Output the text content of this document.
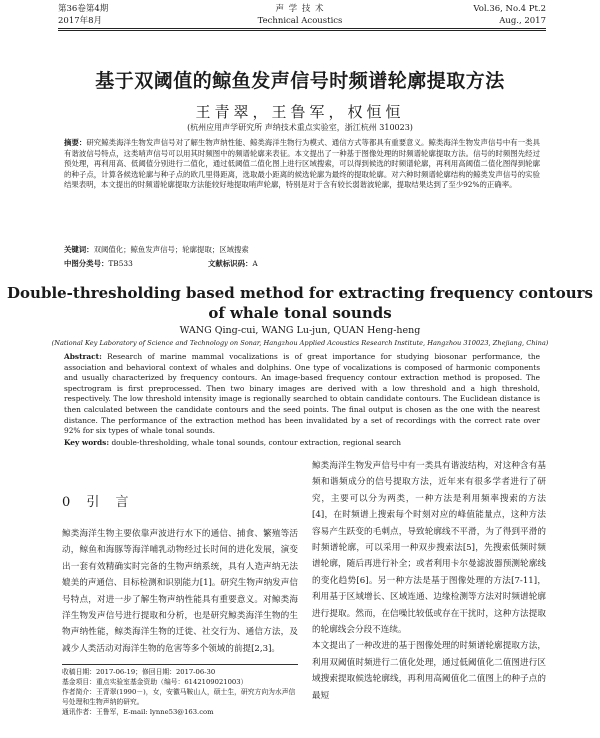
第36卷第4期
2017年8月
声 学 技 术
Technical Acoustics
Vol.36, No.4 Pt.2
Aug., 2017
基于双阈值的鲸鱼发声信号时频谱轮廓提取方法
王青翠，王鲁军，权恒恒
(杭州应用声学研究所 声纳技术重点实验室，浙江杭州 310023)
摘要：研究鲸类海洋生物发声信号对了解生物声纳性能、鲸类海洋生物行为模式、通信方式等都具有重要意义。鲸类海洋生物发声信号中有一类具有谐波信号特点，这类哨声信号可以用其时频图中的频谱轮廓来表征。本文提出了一种基于图像处理的时频谱轮廓提取方法。信号的时频图先经过预处理，再利用高、低阈值分别进行二值化，通过低阈值二值化图上进行区域搜索，可以得到候选的时频谱轮廓，再利用高阈值二值化图得到轮廓的种子点，计算各候选轮廓与种子点的欧几里得距离，选取最小距离的候选轮廓为最终的提取轮廓。对六种时频谱轮廓结构的鲸类发声信号的实验结果表明，本文提出的时频谱轮廓提取方法能较好地提取哨声轮廓，特别是对于含有较长弱谐波轮廓，提取结果达到了至少92%的正确率。
关键词：双阈值化；鲸鱼发声信号；轮廓提取；区域搜索
中图分类号：TB533	文献标识码：A
Double-thresholding based method for extracting frequency contours of whale tonal sounds
WANG Qing-cui, WANG Lu-jun, QUAN Heng-heng
(National Key Laboratory of Science and Technology on Sonar, Hangzhou Applied Acoustics Research Institute, Hangzhou 310023, Zhejiang, China)
Abstract: Research of marine mammal vocalizations is of great importance for studying biosonar performance, the association and behavioral context of whales and dolphins. One type of vocalizations is composed of harmonic components and usually characterized by frequency contours. An image-based frequency contour extraction method is proposed. The spectrogram is first preprocessed. Then two binary images are derived with a low threshold and a high threshold, respectively. The low threshold intensity image is regionally searched to obtain candidate contours. The Euclidean distance is then calculated between the candidate contours and the seed points. The final output is chosen as the one with the nearest distance. The performance of the extraction method has been invalidated by a set of recordings with the correct rate over 92% for six types of whale tonal sounds.
Key words: double-thresholding, whale tonal sounds, contour extraction, regional search
0 引 言
鲸类海洋生物主要依靠声波进行水下的通信、捕食、繁殖等活动，鲸鱼和海豚等海洋哺乳动物经过长时间的进化发展，演变出一套有效精确实时完备的生物声纳系统，具有人造声纳无法媲美的声通信、目标检测和识别能力[1]。研究生物声纳发声信号特点，对进一步了解生物声纳性能具有重要意义。对鲸类海洋生物发声信号进行提取和分析，也是研究鲸类海洋生物的生物声纳性能，鲸类海洋生物的迁徙、社交行为、通信方法，及减少人类活动对海洋生物的危害等多个领域的前提[2,3]。
鲸类海洋生物发声信号中有一类具有谐波结构，对这种含有基频和谐频成分的信号提取方法，近年来有很多学者进行了研究，主要可以分为两类，一种方法是利用频率搜索的方法[4]，在时频谱上搜索每个时刻对应的峰值能量点，这种方法容易产生跃变的毛刺点，导致轮廓线不平滑，为了得到平滑的时频谱轮廓，可以采用一种双步搜索法[5]，先搜索低频时频谱轮廓，随后再进行补全；或者利用卡尔曼滤波器预测轮廓线的变化趋势[6]。另一种方法是基于图像处理的方法[7-11]，利用基于区域增长、区域连通、边缘检测等方法对时频谱轮廓进行提取。然而，在信噪比较低或存在干扰时，这种方法提取的轮廓线会分段不连续。
本文提出了一种改进的基于图像处理的时频谱轮廓提取方法，利用双阈值时频进行二值化处理，通过低阈值化二值图进行区域搜索提取候选轮廓线，再利用高阈值化二值图上的种子点的最短
收稿日期：2017-06-19；修回日期：2017-06-30
基金项目：重点实验室基金资助（编号：6142109021003）
作者简介：王青翠(1990－)，女，安徽马鞍山人，硕士生，研究方向为水声信号处理和生物声纳的研究。
通讯作者：王鲁军，E-mail: lynne53@163.com
